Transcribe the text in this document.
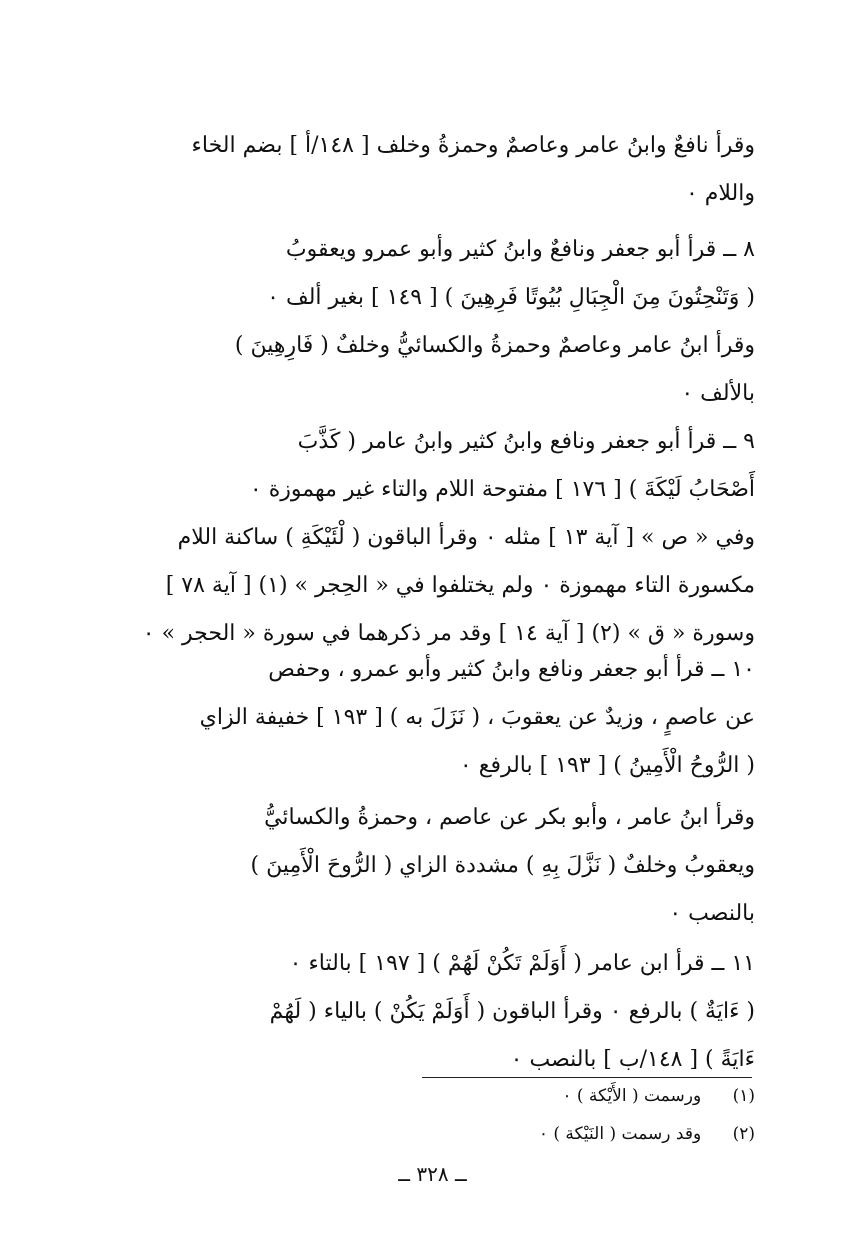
وقرأ نافعٌ وابنُ عامر وعاصمٌ وحمزةُ وخلف [ ١٤٨/أ ] بضم الخاء
واللام ٠
٨ ــ قرأ أبو جعفر ونافعٌ وابنُ كثير وأبو عمرو ويعقوبُ
( وَتَنْحِتُونَ مِنَ الْجِبَالِ بُيُوتًا فَرِهِينَ ) [ ١٤٩ ] بغير ألف ٠
وقرأ ابنُ عامر وعاصمٌ وحمزةُ والكسائيُّ وخلفٌ ( فَارِهِينَ )
بالألف ٠
٩ ــ قرأ أبو جعفر ونافع وابنُ كثير وابنُ عامر ( كَذَّبَ
أَصْحَابُ لَيْكَةَ ) [ ١٧٦ ] مفتوحة اللام والتاء غير مهموزة ٠
وفي « ص » [ آية ١٣ ] مثله ٠ وقرأ الباقون ( لْئَيْكَةِ ) ساكنة اللام
مكسورة التاء مهموزة ٠ ولم يختلفوا في « الحِجر » (١) [ آية ٧٨ ]
وسورة « ق » (٢) [ آية ١٤ ] وقد مر ذكرهما في سورة « الحجر » ٠
١٠ ــ قرأ أبو جعفر ونافع وابنُ كثير وأبو عمرو ، وحفص
عن عاصمٍ ، وزيدٌ عن يعقوبَ ، ( نَزَلَ به ) [ ١٩٣ ] خفيفة الزاي
( الرُّوحُ الْأَمِينُ ) [ ١٩٣ ] بالرفع ٠
وقرأ ابنُ عامر ، وأبو بكر عن عاصم ، وحمزةُ والكسائيُّ
ويعقوبُ وخلفٌ ( نَزَّلَ بِهِ ) مشددة الزاي ( الرُّوحَ الْأَمِينَ )
بالنصب ٠
١١ ــ قرأ ابن عامر ( أَوَلَمْ تَكُنْ لَهُمْ ) [ ١٩٧ ] بالتاء ٠
( ءَايَةٌ ) بالرفع ٠ وقرأ الباقون ( أَوَلَمْ يَكُنْ ) بالياء ( لَهُمْ
ءَايَةً ) [ ١٤٨/ب ] بالنصب ٠
(١) ورسمت ( الأَيْكة ) ٠
(٢) وقد رسمت ( النَيْكة ) ٠
ــ ٣٢٨ ــ
